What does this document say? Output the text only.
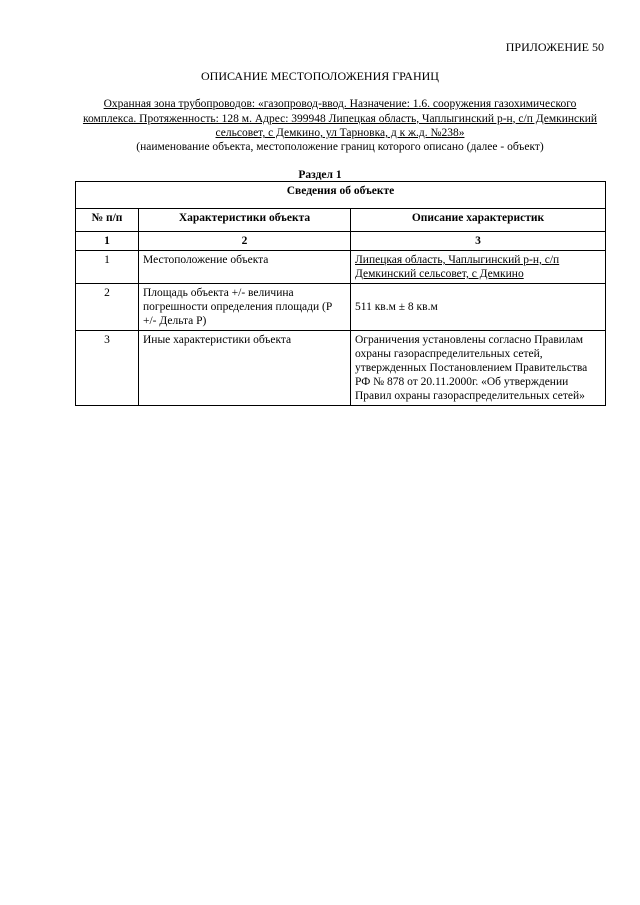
ПРИЛОЖЕНИЕ 50
ОПИСАНИЕ МЕСТОПОЛОЖЕНИЯ ГРАНИЦ
Охранная зона трубопроводов: «газопровод-ввод. Назначение: 1.6. сооружения газохимического комплекса. Протяженность: 128 м. Адрес: 399948 Липецкая область, Чаплыгинский р-н, с/п Демкинский сельсовет, с Демкино, ул Тарновка, д к ж.д. №238»
(наименование объекта, местоположение границ которого описано (далее - объект)
Раздел 1
Сведения об объекте		
№ п/п	Характеристики объекта	Описание характеристик
1	2	3
1	Местоположение объекта	Липецкая область, Чаплыгинский р-н, с/п Демкинский сельсовет, с Демкино
2	Площадь объекта +/- величина погрешности определения площади (Р +/- Дельта Р)	511 кв.м ± 8 кв.м
3	Иные характеристики объекта	Ограничения установлены согласно Правилам охраны газораспределительных сетей, утвержденных Постановлением Правительства РФ № 878 от 20.11.2000г. «Об утверждении Правил охраны газораспределительных сетей»
